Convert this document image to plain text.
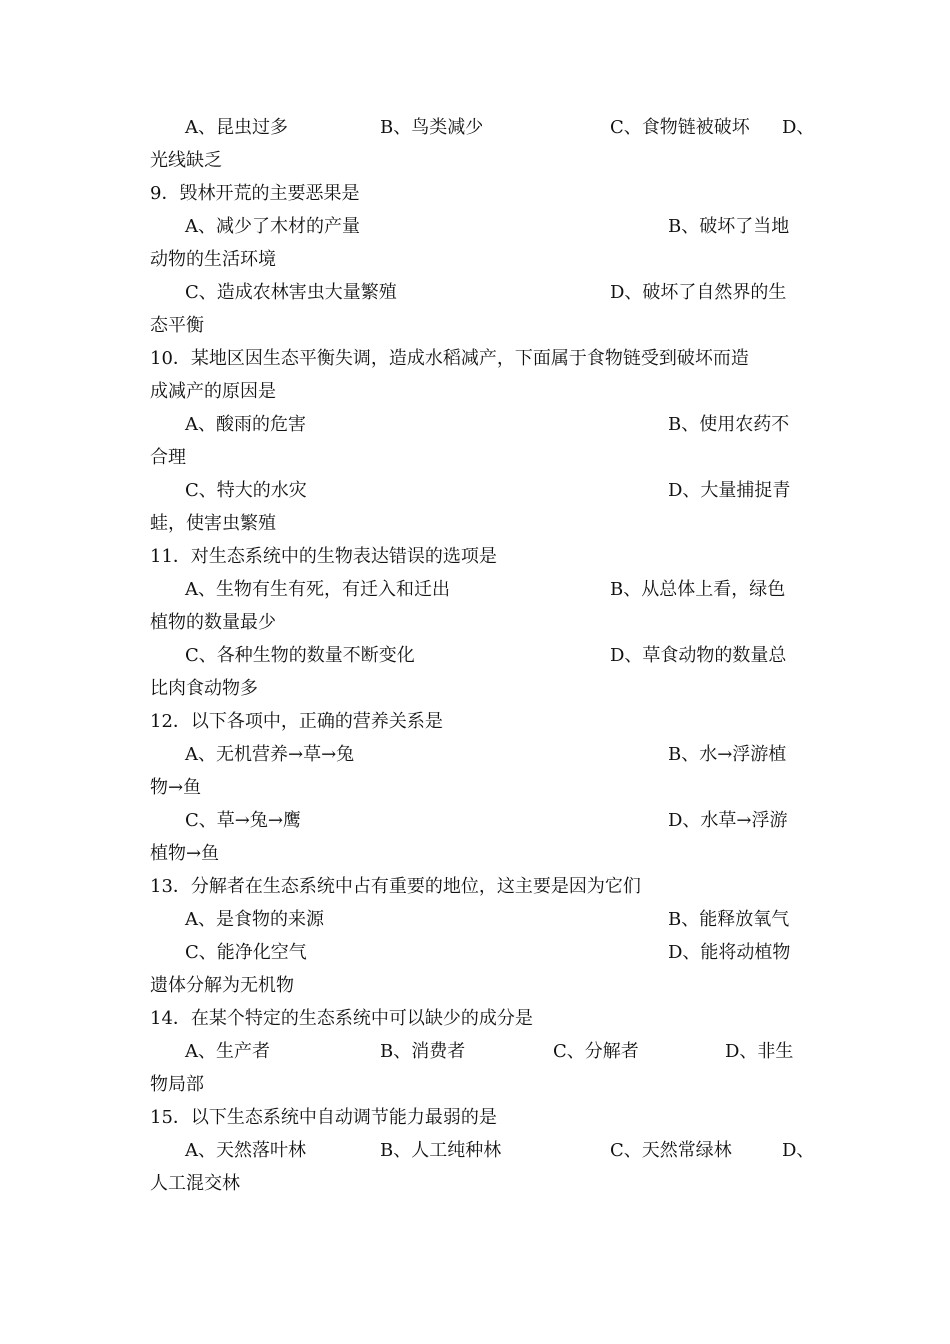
A、昆虫过多	B、鸟类减少	C、食物链被破坏 D、
光线缺乏
9．毁林开荒的主要恶果是
A、减少了木材的产量	B、破坏了当地
动物的生活环境
C、造成农林害虫大量繁殖	D、破坏了自然界的生
态平衡
10．某地区因生态平衡失调，造成水稻减产，下面属于食物链受到破坏而造
成减产的原因是
A、酸雨的危害	B、使用农药不
合理
C、特大的水灾	D、大量捕捉青
蛙，使害虫繁殖
11．对生态系统中的生物表达错误的选项是
A、生物有生有死，有迁入和迁出	B、从总体上看，绿色
植物的数量最少
C、各种生物的数量不断变化	D、草食动物的数量总
比肉食动物多
12．以下各项中，正确的营养关系是
A、无机营养→草→兔	B、水→浮游植
物→鱼
C、草→兔→鹰	D、水草→浮游
植物→鱼
13．分解者在生态系统中占有重要的地位，这主要是因为它们
A、是食物的来源	B、能释放氧气
C、能净化空气	D、能将动植物
遗体分解为无机物
14．在某个特定的生态系统中可以缺少的成分是
A、生产者	B、消费者	C、分解者	D、非生
物局部
15．以下生态系统中自动调节能力最弱的是
A、天然落叶林	B、人工纯种林	C、天然常绿林	D、
人工混交林
